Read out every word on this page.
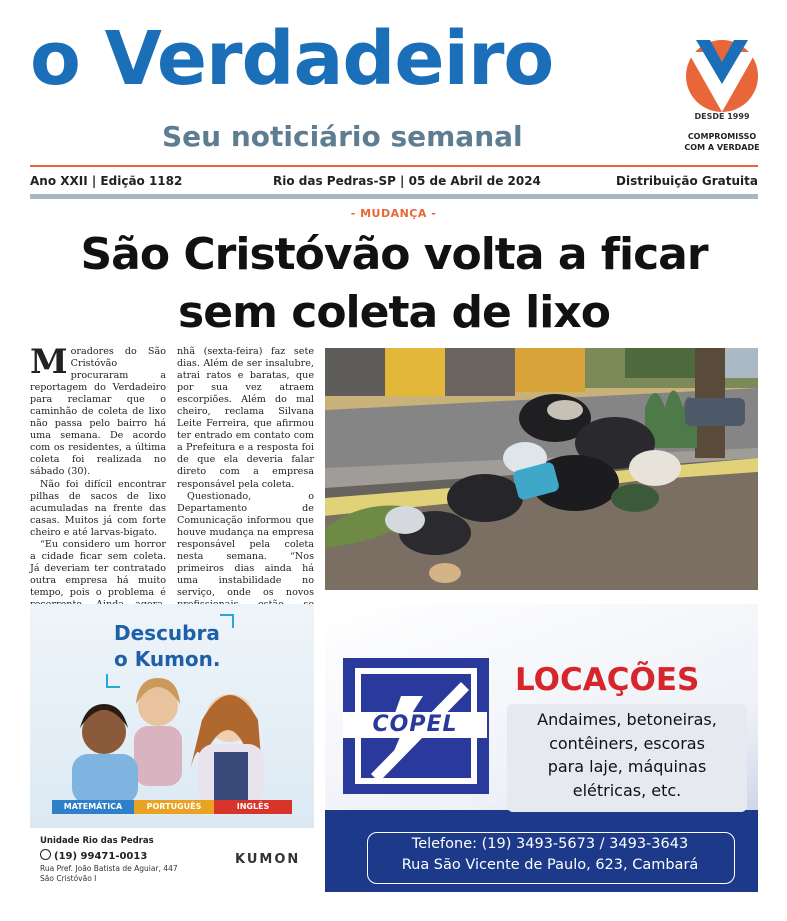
o Verdadeiro
Seu noticiário semanal
DESDE 1999
COMPROMISSO
COM A VERDADE
Ano XXII | Edição 1182	Rio das Pedras-SP | 05 de Abril de 2024	Distribuição Gratuita
- MUDANÇA -
São Cristóvão volta a ficar
sem coleta de lixo

Moradores do São Cristóvão procuraram a reportagem do Verdadeiro para reclamar que o caminhão de coleta de lixo não passa pelo bairro há uma semana. De acordo com os residentes, a última coleta foi realizada no sábado (30).

Não foi difícil encontrar pilhas de sacos de lixo acumuladas na frente das casas. Muitos já com forte cheiro e até larvas-bigato.

“Eu considero um horror a cidade ficar sem coleta. Já deveriam ter contratado outra empresa há muito tempo, pois o problema é

nhã (sexta-feira) faz sete dias. Além de ser insalubre, atrai ratos e baratas, que por sua vez atraem escorpiões. Além do mal cheiro, reclama Silvana Leite Ferreira, que afirmou ter entrado em contato com a Prefeitura e a resposta foi de que ela deveria falar direto com a empresa responsável pela coleta.

Questionado, o Departamento de Comunicação informou que houve mudança na empresa responsável pela coleta nesta semana. “Nos primeiros dias ainda há uma instabilidade no serviço, onde os novos

Descubra
o Kumon.
MATEMÁTICA	PORTUGUÊS	INGLÊS
Unidade Rio das Pedras
(19) 99471-0013
Rua Pref. João Batista de Aguiar, 447
São Cristóvão I
KUMON
COPEL
LOCAÇÕES
Andaimes, betoneiras,
contêiners, escoras
para laje, máquinas
elétricas, etc.
Telefone: (19) 3493-5673 / 3493-3643
Rua São Vicente de Paulo, 623, Cambará
